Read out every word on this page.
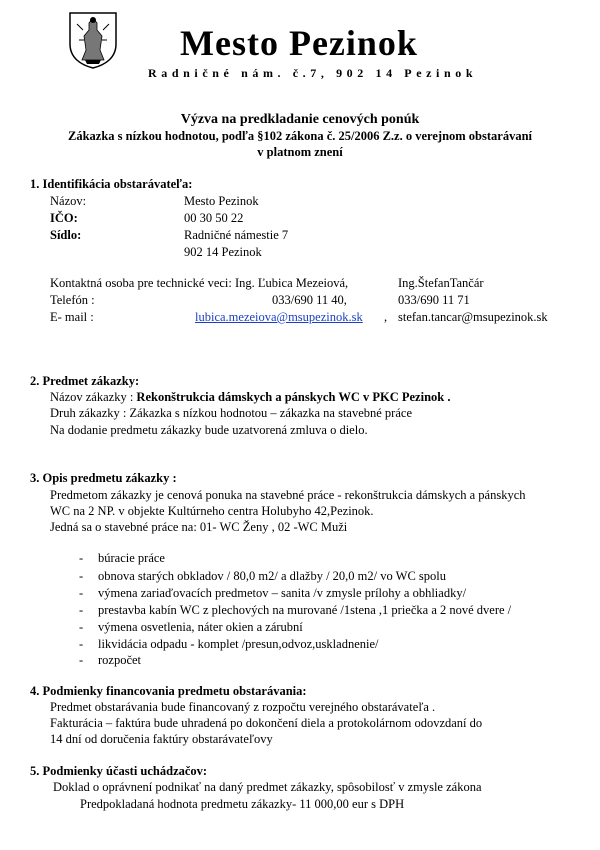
Mesto Pezinok
Radničné nám. č.7, 902 14 Pezinok
Výzva na predkladanie cenových ponúk
Zákazka s nízkou hodnotou, podľa §102 zákona č. 25/2006 Z.z. o verejnom obstarávaní
v platnom znení
1. Identifikácia obstarávateľa:
Názov:	Mesto Pezinok
IČO:	00 30 50 22
Sídlo:	Radničné námestie 7
902 14 Pezinok
Kontaktná osoba pre technické veci: Ing. Ľubica Mezeiová,	Ing.ŠtefanTančár
Telefón :	033/690 11 40,	033/690 11 71
E- mail :	lubica.mezeiova@msupezinok.sk , stefan.tancar@msupezinok.sk
2. Predmet zákazky:
Názov zákazky : Rekonštrukcia dámskych a pánskych WC v PKC Pezinok .
Druh zákazky : Zákazka s nízkou hodnotou – zákazka na stavebné práce
Na dodanie predmetu zákazky bude uzatvorená zmluva o dielo.
3. Opis predmetu zákazky :
Predmetom zákazky je cenová ponuka na stavebné práce - rekonštrukcia dámskych a pánskych
WC na 2 NP. v objekte Kultúrneho centra Holubyho 42,Pezinok.
Jedná sa o stavebné práce na: 01- WC Ženy , 02 -WC Muži
- búracie práce
- obnova starých obkladov / 80,0 m2/ a dlažby / 20,0 m2/ vo WC spolu
- výmena zariaďovacích predmetov – sanita /v zmysle prílohy a obhliadky/
- prestavba kabín WC z plechových na murované /1stena ,1 priečka a 2 nové dvere /
- výmena osvetlenia, náter okien a zárubní
- likvidácia odpadu - komplet /presun,odvoz,uskladnenie/
- rozpočet
4. Podmienky financovania predmetu obstarávania:
Predmet obstarávania bude financovaný z rozpočtu verejného obstarávateľa .
Fakturácia – faktúra bude uhradená po dokončení diela a protokolárnom odovzdaní do
14 dní od doručenia faktúry obstarávateľovy
5. Podmienky účasti uchádzačov:
Doklad o oprávnení podnikať na daný predmet zákazky, spôsobilosť v zmysle zákona
Predpokladaná hodnota predmetu zákazky- 11 000,00 eur s DPH
